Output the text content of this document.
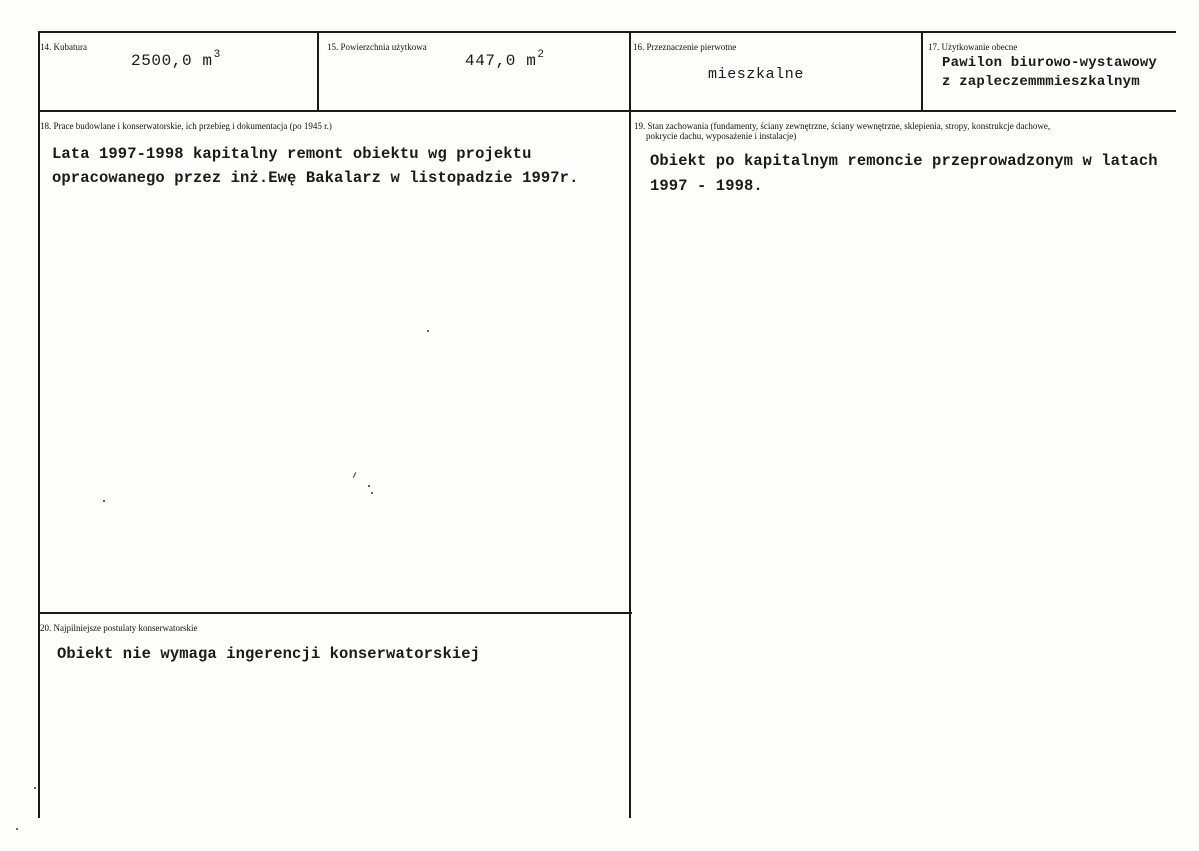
14. Kubatura
2500,0 $m^3$
15. Powierzchnia użytkowa
447,0 $m^2$
16. Przeznaczenie pierwotne
mieszkalne
17. Użytkowanie obecne
Pawilon biurowo-wystawowy
z zapleczemmmieszkalnym
18. Prace budowlane i konserwatorskie, ich przebieg i dokumentacja (po 1945 r.)
Lata 1997-1998 kapitalny remont obiektu wg projektu
opracowanego przez inż.Ewę Bakalarz w listopadzie 1997r.
19. Stan zachowania (fundamenty, ściany zewnętrzne, ściany wewnętrzne, sklepienia, stropy, konstrukcje dachowe,
pokrycie dachu, wyposażenie i instalacje)
Obiekt po kapitalnym remoncie przeprowadzonym w latach
1997 - 1998.
20. Najpilniejsze postulaty konserwatorskie
Obiekt nie wymaga ingerencji konserwatorskiej
